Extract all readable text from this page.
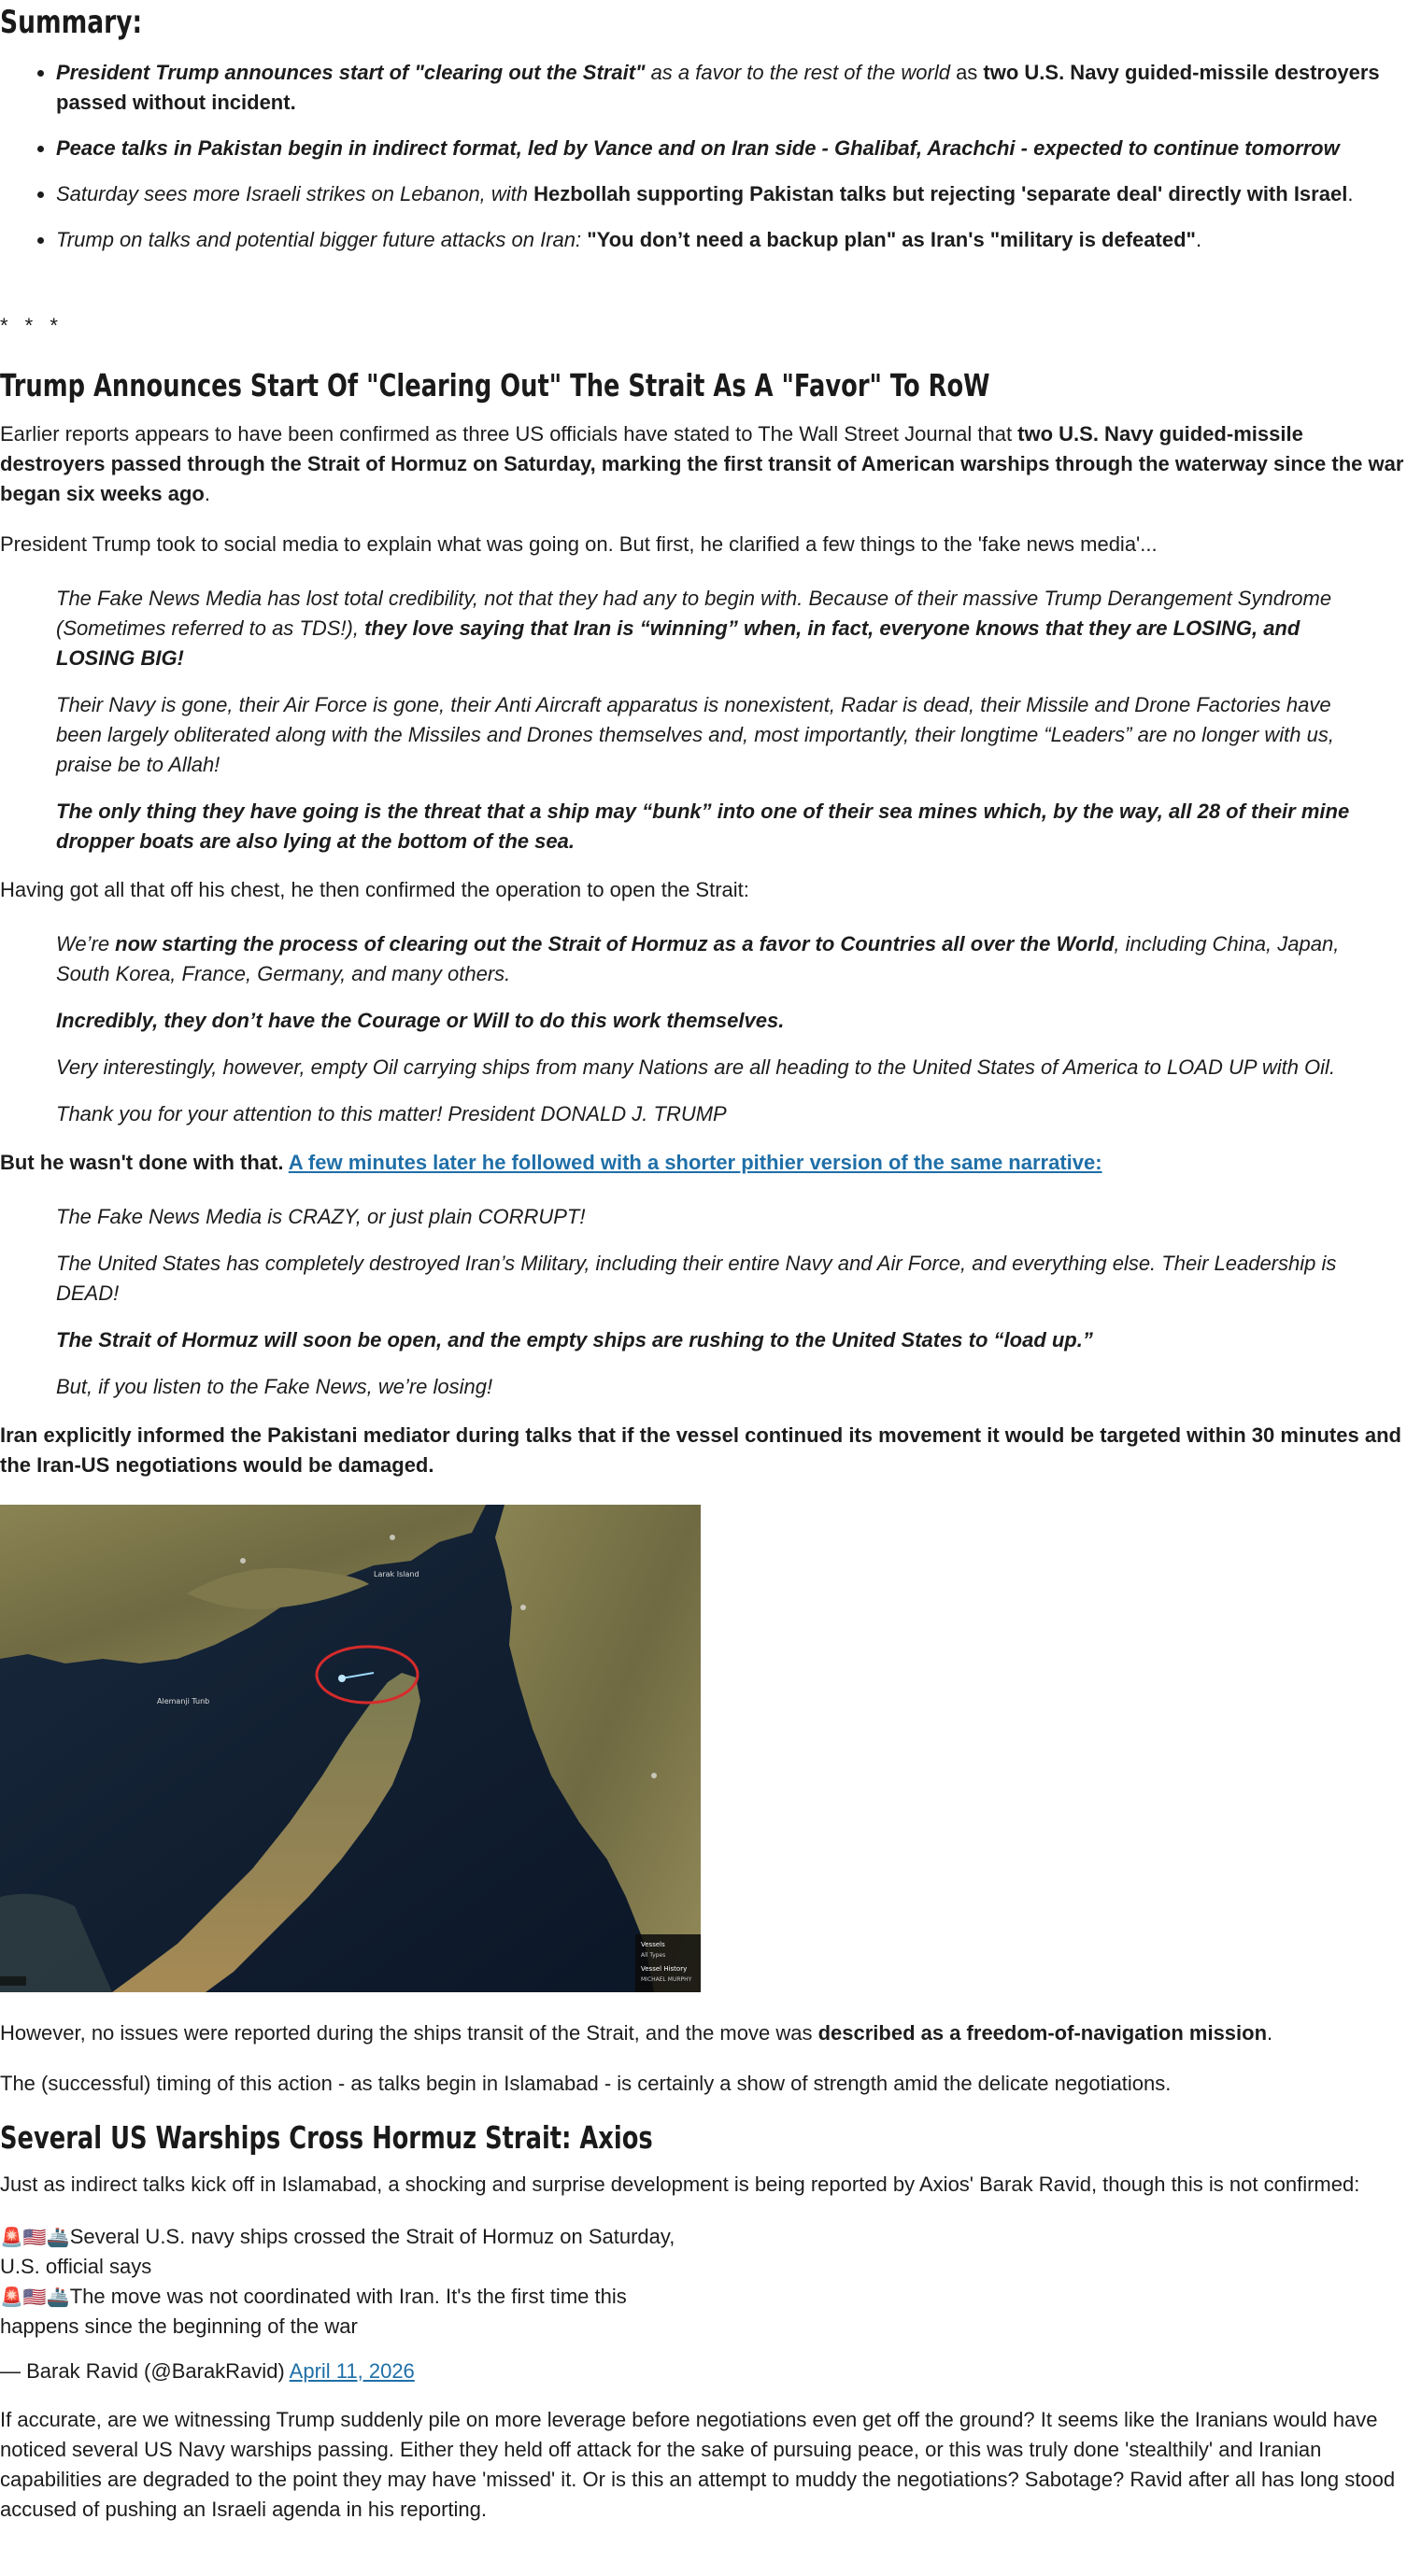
Summary:
• President Trump announces start of "clearing out the Strait" as a favor to the rest of the world as two U.S. Navy guided-missile destroyers passed without incident.
• Peace talks in Pakistan begin in indirect format, led by Vance and on Iran side - Ghalibaf, Arachchi - expected to continue tomorrow
• Saturday sees more Israeli strikes on Lebanon, with Hezbollah supporting Pakistan talks but rejecting 'separate deal' directly with Israel.
• Trump on talks and potential bigger future attacks on Iran: "You don’t need a backup plan" as Iran's "military is defeated".
* * *
Trump Announces Start Of "Clearing Out" The Strait As A "Favor" To RoW

Earlier reports appears to have been confirmed as three US officials have stated to The Wall Street Journal that two U.S. Navy guided-missile destroyers passed through the Strait of Hormuz on Saturday, marking the first transit of American warships through the waterway since the war began six weeks ago.

President Trump took to social media to explain what was going on. But first, he clarified a few things to the 'fake news media'...

The Fake News Media has lost total credibility, not that they had any to begin with. Because of their massive Trump Derangement Syndrome (Sometimes referred to as TDS!), they love saying that Iran is “winning” when, in fact, everyone knows that they are LOSING, and LOSING BIG!

Their Navy is gone, their Air Force is gone, their Anti Aircraft apparatus is nonexistent, Radar is dead, their Missile and Drone Factories have been largely obliterated along with the Missiles and Drones themselves and, most importantly, their longtime “Leaders” are no longer with us, praise be to Allah!

The only thing they have going is the threat that a ship may “bunk” into one of their sea mines which, by the way, all 28 of their mine dropper boats are also lying at the bottom of the sea.

Having got all that off his chest, he then confirmed the operation to open the Strait:

We’re now starting the process of clearing out the Strait of Hormuz as a favor to Countries all over the World, including China, Japan, South Korea, France, Germany, and many others.

Incredibly, they don’t have the Courage or Will to do this work themselves.

Very interestingly, however, empty Oil carrying ships from many Nations are all heading to the United States of America to LOAD UP with Oil.

Thank you for your attention to this matter! President DONALD J. TRUMP

But he wasn't done with that. A few minutes later he followed with a shorter pithier version of the same narrative:

The Fake News Media is CRAZY, or just plain CORRUPT!

The United States has completely destroyed Iran’s Military, including their entire Navy and Air Force, and everything else. Their Leadership is DEAD!

The Strait of Hormuz will soon be open, and the empty ships are rushing to the United States to “load up.”

But, if you listen to the Fake News, we’re losing!

Iran explicitly informed the Pakistani mediator during talks that if the vessel continued its movement it would be targeted within 30 minutes and the Iran-US negotiations would be damaged.

Alemanji Tunb
Larak Island
Vessels
All Types
Vessel History
MICHAEL MURPHY

However, no issues were reported during the ships transit of the Strait, and the move was described as a freedom-of-navigation mission.

The (successful) timing of this action - as talks begin in Islamabad - is certainly a show of strength amid the delicate negotiations.

Several US Warships Cross Hormuz Strait: Axios

Just as indirect talks kick off in Islamabad, a shocking and surprise development is being reported by Axios' Barak Ravid, though this is not confirmed:

🚨🇺🇸🚢Several U.S. navy ships crossed the Strait of Hormuz on Saturday, U.S. official says
🚨🇺🇸🚢The move was not coordinated with Iran. It's the first time this happens since the beginning of the war

— Barak Ravid (@BarakRavid) April 11, 2026

If accurate, are we witnessing Trump suddenly pile on more leverage before negotiations even get off the ground? It seems like the Iranians would have noticed several US Navy warships passing. Either they held off attack for the sake of pursuing peace, or this was truly done 'stealthily' and Iranian capabilities are degraded to the point they may have 'missed' it. Or is this an attempt to muddy the negotiations? Sabotage? Ravid after all has long stood accused of pushing an Israeli agenda in his reporting.
